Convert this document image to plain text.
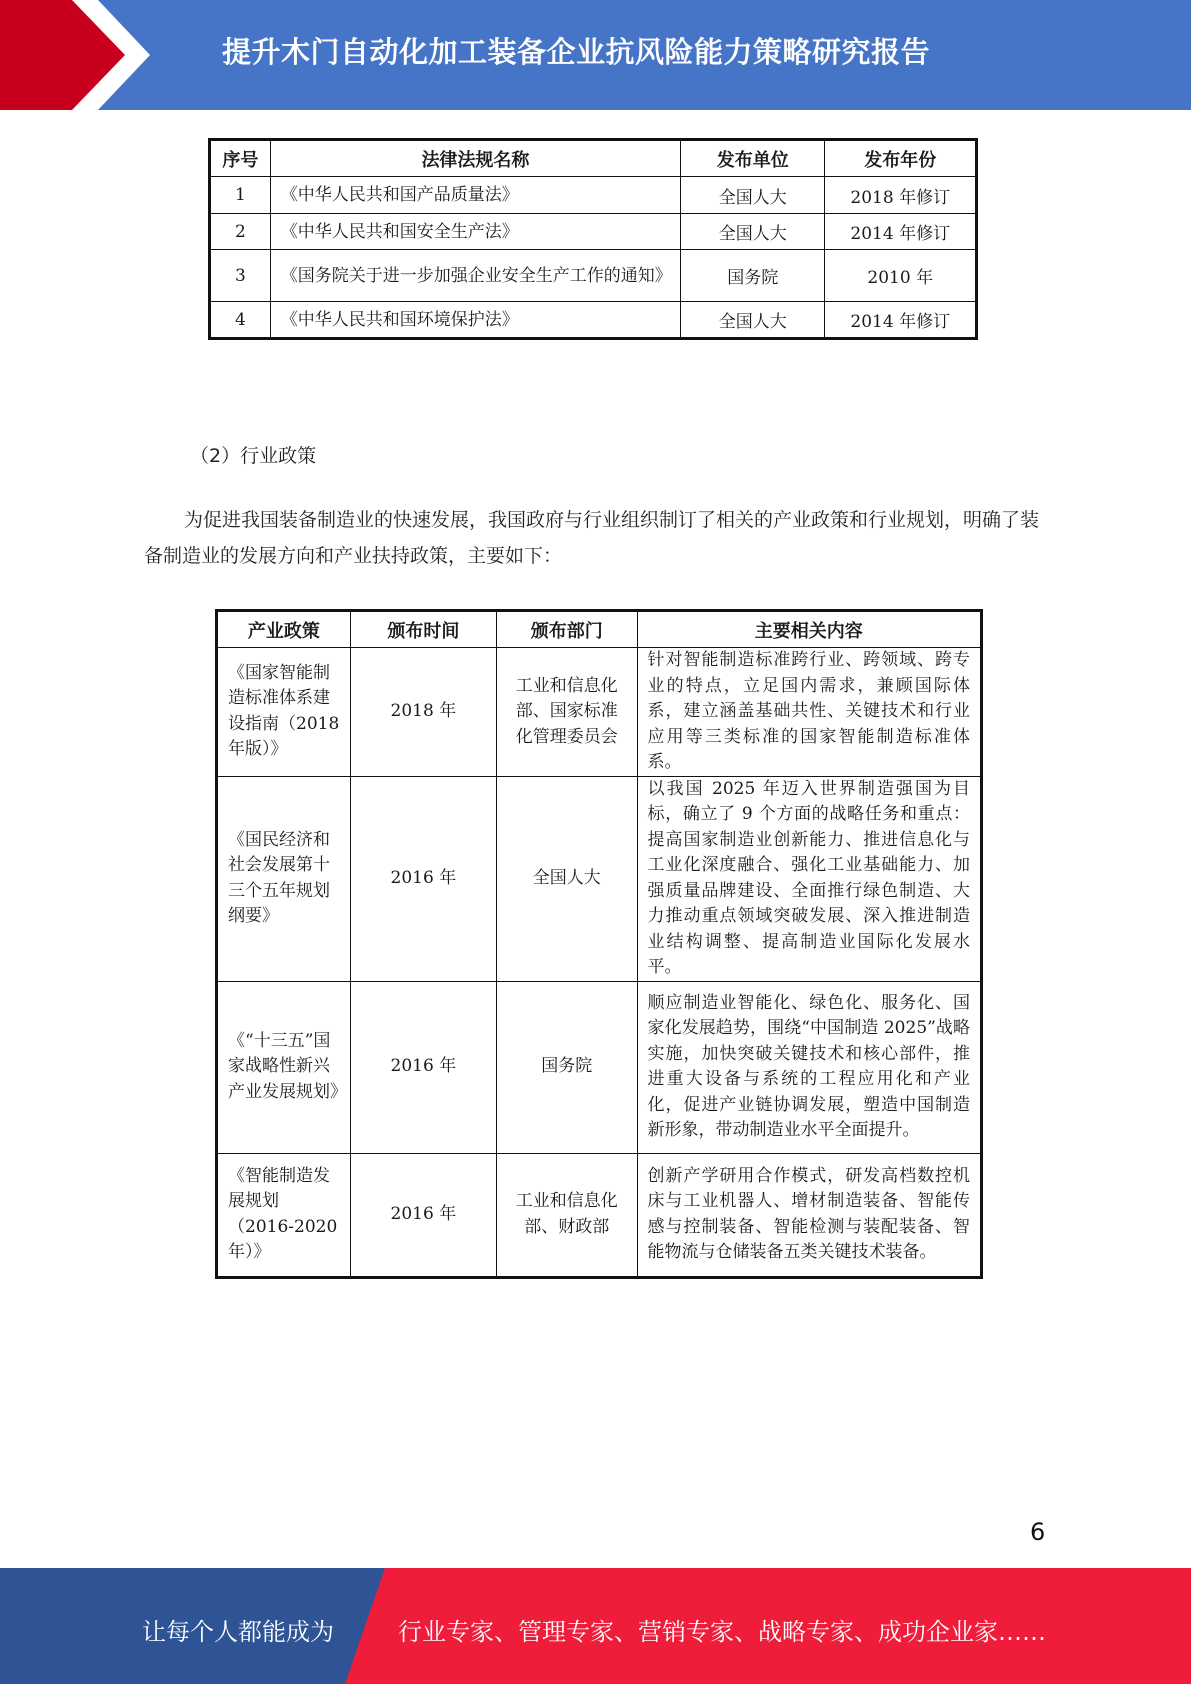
提升木门自动化加工装备企业抗风险能力策略研究报告
序号	法律法规名称	发布单位	发布年份
1	《中华人民共和国产品质量法》	全国人大	2018 年修订
2	《中华人民共和国安全生产法》	全国人大	2014 年修订
3	《国务院关于进一步加强企业安全生产工作的通知》	国务院	2010 年
4	《中华人民共和国环境保护法》	全国人大	2014 年修订
（2）行业政策
为促进我国装备制造业的快速发展，我国政府与行业组织制订了相关的产业政策和行业规划，明确了装备制造业的发展方向和产业扶持政策，主要如下：
产业政策	颁布时间	颁布部门	主要相关内容
《国家智能制造标准体系建设指南（2018年版）》	2018 年	工业和信息化部、国家标准化管理委员会	针对智能制造标准跨行业、跨领域、跨专业的特点，立足国内需求，兼顾国际体系，建立涵盖基础共性、关键技术和行业应用等三类标准的国家智能制造标准体系。
《国民经济和社会发展第十三个五年规划纲要》	2016 年	全国人大	以我国 2025 年迈入世界制造强国为目标，确立了 9 个方面的战略任务和重点：提高国家制造业创新能力、推进信息化与工业化深度融合、强化工业基础能力、加强质量品牌建设、全面推行绿色制造、大力推动重点领域突破发展、深入推进制造业结构调整、提高制造业国际化发展水平。
《“十三五”国家战略性新兴产业发展规划》	2016 年	国务院	顺应制造业智能化、绿色化、服务化、国家化发展趋势，围绕“中国制造 2025”战略实施，加快突破关键技术和核心部件，推进重大设备与系统的工程应用化和产业化，促进产业链协调发展，塑造中国制造新形象，带动制造业水平全面提升。
《智能制造发展规划（2016-2020年）》	2016 年	工业和信息化部、财政部	创新产学研用合作模式，研发高档数控机床与工业机器人、增材制造装备、智能传感与控制装备、智能检测与装配装备、智能物流与仓储装备五类关键技术装备。
6
让每个人都能成为	行业专家、管理专家、营销专家、战略专家、成功企业家……
